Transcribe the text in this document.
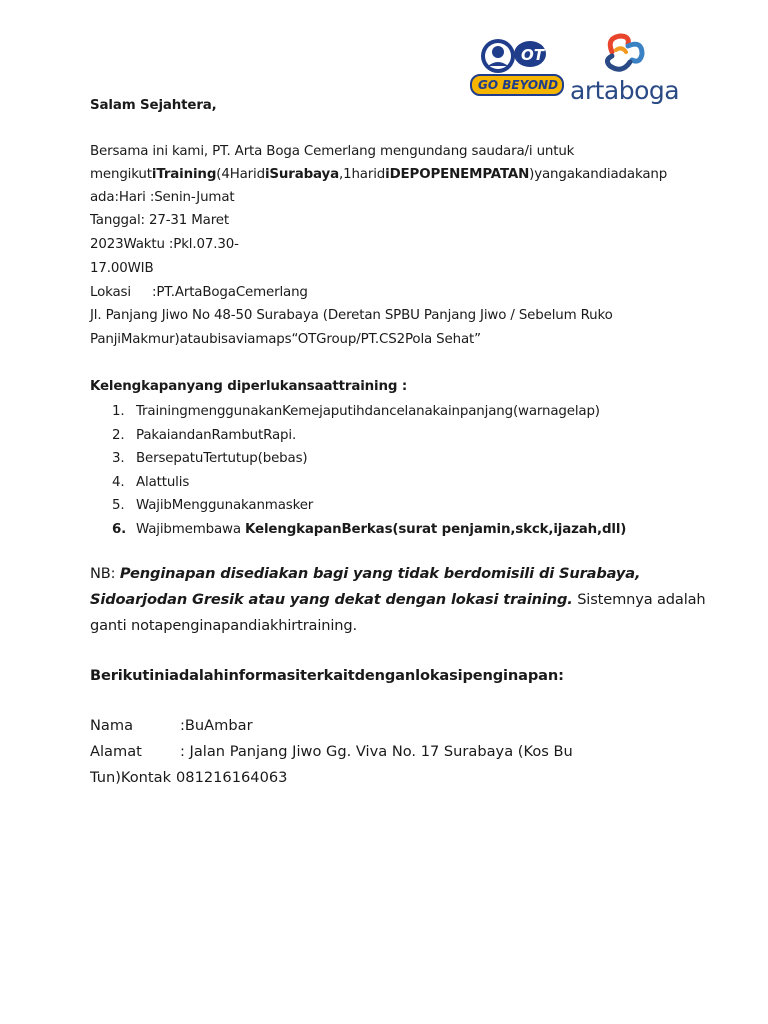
OT
GO BEYOND artaboga
Salam Sejahtera,
Bersama ini kami, PT. Arta Boga Cemerlang mengundang saudara/i untuk
mengikutiTraining(4HaridiSurabaya,1haridiDEPOPENEMPATAN)yangakandiadakanp
ada:Hari :Senin-Jumat
Tanggal: 27-31 Maret
2023Waktu :Pkl.07.30-
17.00WIB
Lokasi :PT.ArtaBogaCemerlang
Jl. Panjang Jiwo No 48-50 Surabaya (Deretan SPBU Panjang Jiwo / Sebelum Ruko
PanjiMakmur)ataubisaviamaps“OTGroup/PT.CS2Pola Sehat”
Kelengkapanyang diperlukansaattraining :
1. TrainingmenggunakanKemejaputihdancelanakainpanjang(warnagelap)
2. PakaiandanRambutRapi.
3. BersepatuTertutup(bebas)
4. Alattulis
5. WajibMenggunakanmasker
6. Wajibmembawa KelengkapanBerkas(surat penjamin,skck,ijazah,dll)
NB: Penginapan disediakan bagi yang tidak berdomisili di Surabaya,
Sidoarjodan Gresik atau yang dekat dengan lokasi training. Sistemnya adalah
ganti notapenginapandiakhirtraining.
Berikutiniadalahinformasiterkaitdenganlokasipenginapan:
Nama	:BuAmbar
Alamat	: Jalan Panjang Jiwo Gg. Viva No. 17 Surabaya (Kos Bu
Tun)Kontak 081216164063
